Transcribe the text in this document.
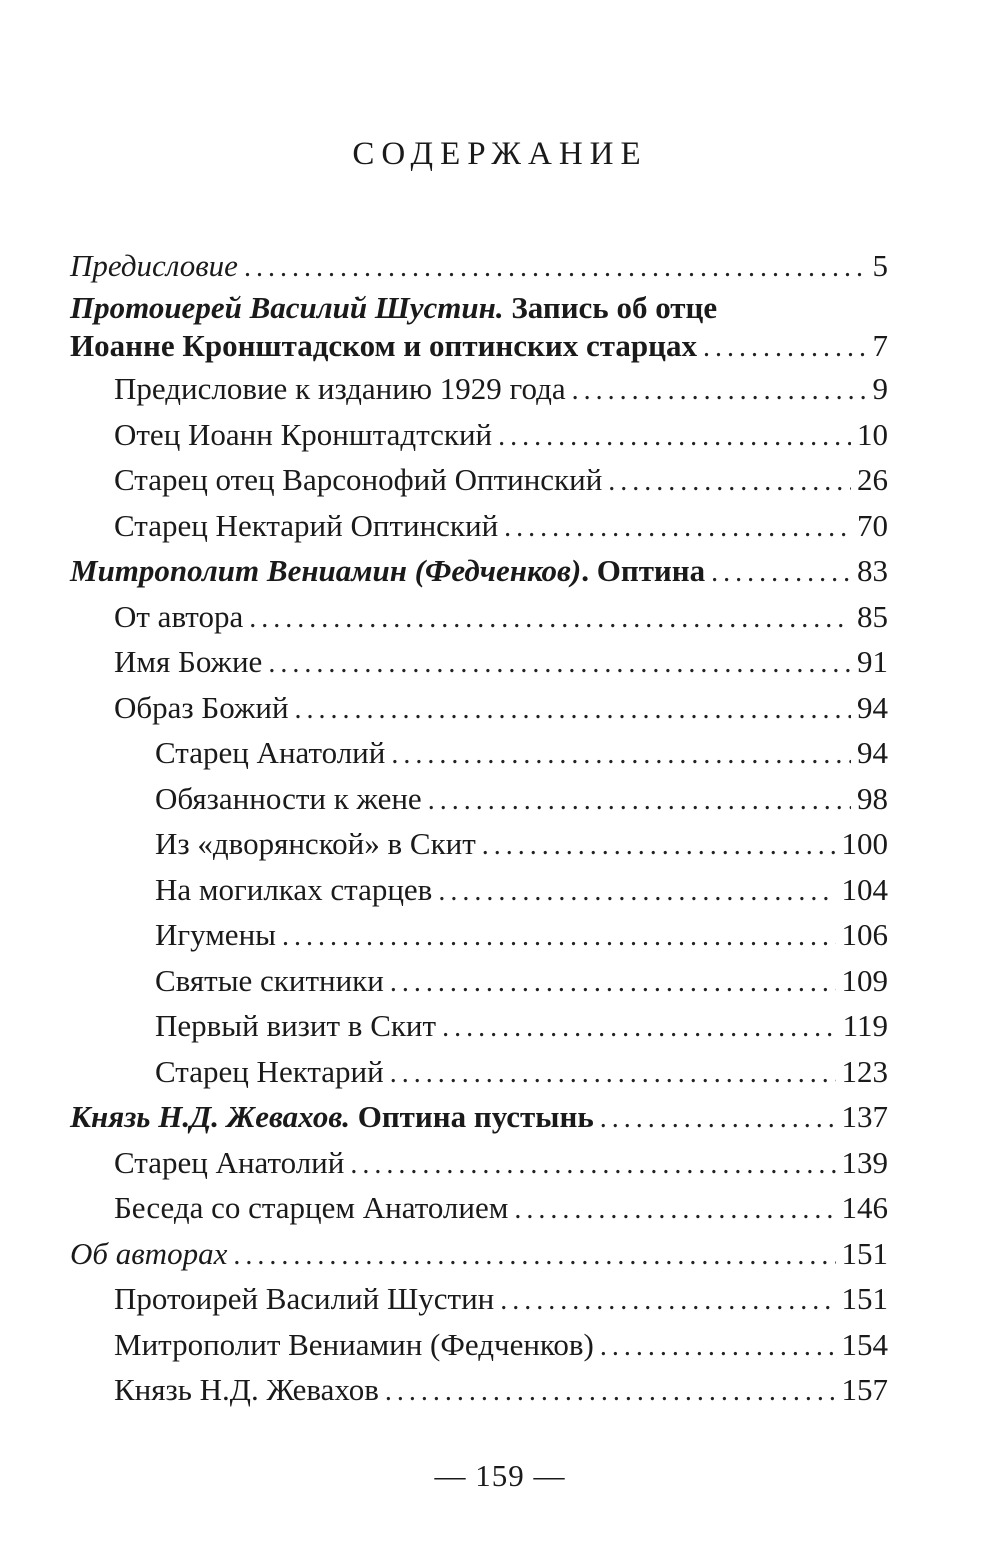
СОДЕРЖАНИЕ
Предисловие .....	5
Протоиерей Василий Шустин. Запись об отце
Иоанне Кронштадском и оптинских старцах .....	7
Предисловие к изданию 1929 года .....	9
Отец Иоанн Кронштадтский .....	10
Старец отец Варсонофий Оптинский .....	26
Старец Нектарий Оптинский .....	70
Митрополит Вениамин (Федченков). Оптина .....	83
От автора .....	85
Имя Божие .....	91
Образ Божий .....	94
Старец Анатолий .....	94
Обязанности к жене .....	98
Из «дворянской» в Скит .....	100
На могилках старцев .....	104
Игумены .....	106
Святые скитники .....	109
Первый визит в Скит .....	119
Старец Нектарий .....	123
Князь Н.Д. Жевахов. Оптина пустынь .....	137
Старец Анатолий .....	139
Беседа со старцем Анатолием .....	146
Об авторах .....	151
Протоирей Василий Шустин .....	151
Митрополит Вениамин (Федченков) .....	154
Князь Н.Д. Жевахов .....	157
— 159 —
